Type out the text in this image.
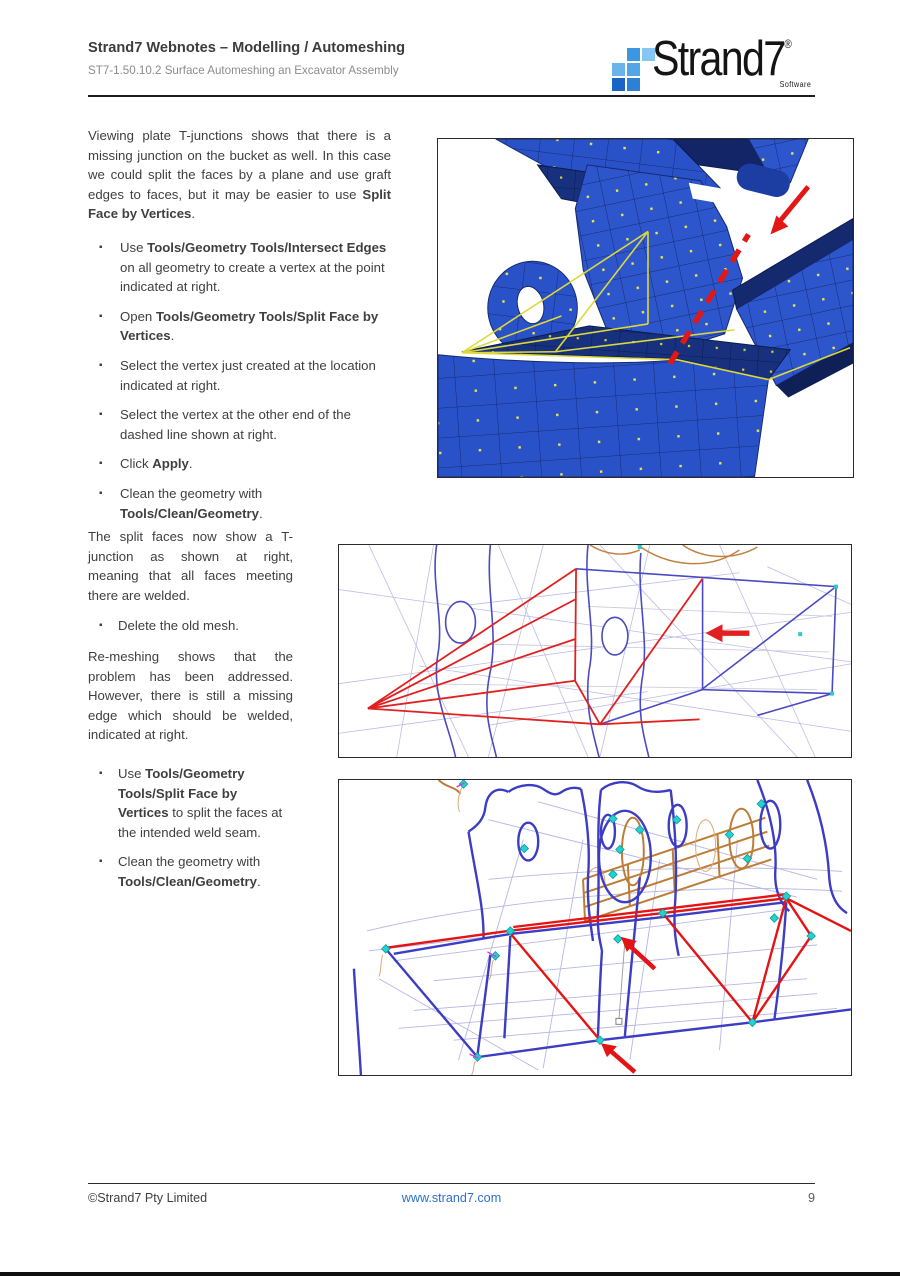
Strand7 Webnotes – Modelling / Automeshing
ST7-1.50.10.2 Surface Automeshing an Excavator Assembly	Strand7®
Software

Viewing plate T-junctions shows that there is a missing junction on the bucket as well. In this case we could split the faces by a plane and use graft edges to faces, but it may be easier to use Split Face by Vertices.

▪ Use Tools/Geometry Tools/Intersect Edges on all geometry to create a vertex at the point indicated at right.
▪ Open Tools/Geometry Tools/Split Face by Vertices.
▪ Select the vertex just created at the location indicated at right.
▪ Select the vertex at the other end of the dashed line shown at right.
▪ Click Apply.
▪ Clean the geometry with Tools/Clean/Geometry.

The split faces now show a T-junction as shown at right, meaning that all faces meeting there are welded.

▪ Delete the old mesh.

Re-meshing shows that the problem has been addressed. However, there is still a missing edge which should be welded, indicated at right.

▪ Use Tools/Geometry Tools/Split Face by Vertices to split the faces at the intended weld seam.
▪ Clean the geometry with Tools/Clean/Geometry.
©Strand7 Pty Limited	www.strand7.com	9
